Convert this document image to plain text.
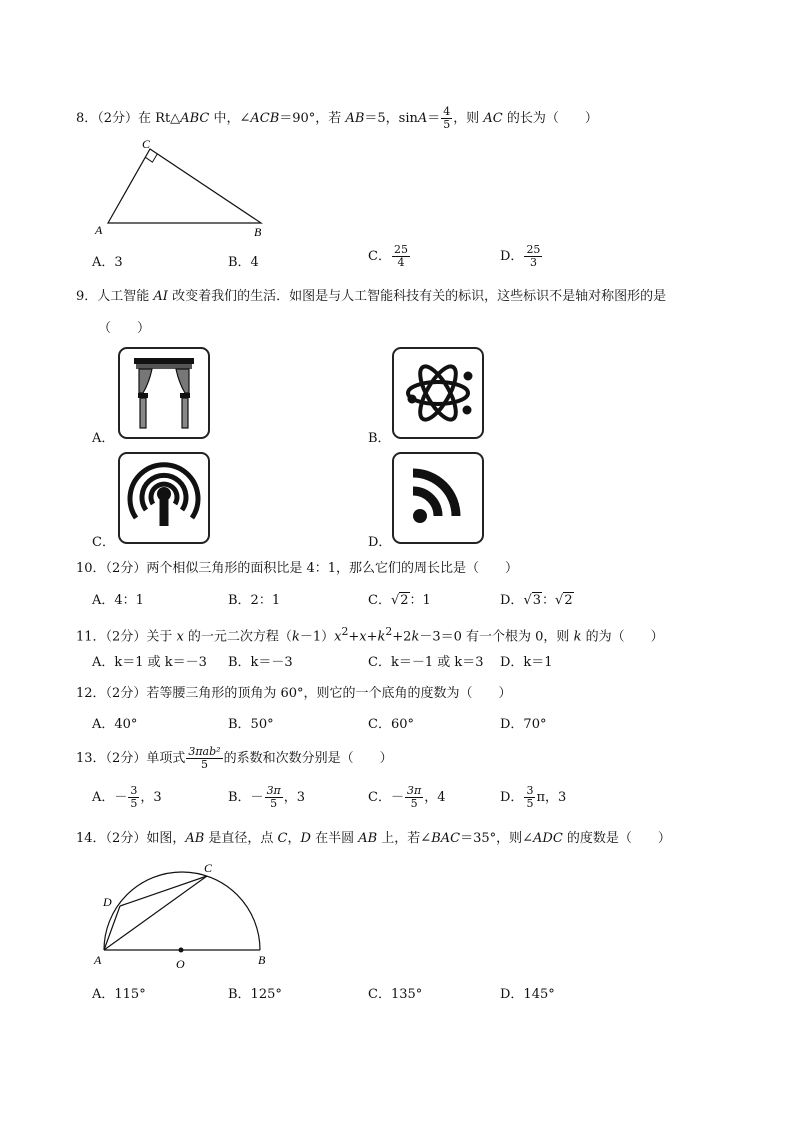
8．（2分）在 Rt△ABC 中，∠ACB＝90°，若 AB＝5，$\sin A= \frac{4}{5}$ ，则 AC 的长为（　　）
C
A	B
A．3	B．4	C． $\frac{25}{4}$	D． $\frac{25}{3}$
9．人工智能 AI 改变着我们的生活．如图是与人工智能科技有关的标识，这些标识不是轴对称图形的是
（　　）
A．	B．
C．	D．
10．（2分）两个相似三角形的面积比是 4：1，那么它们的周长比是（　　）
A．4：1	B．2：1	C．√2：1	D．√3：√2
11．（2分）关于 x 的一元二次方程$(k-1)x^2+x+k^2+2k-3=0$ 有一个根为 0，则 k 的为（　　）
A．k＝1 或 k＝－3 B．k＝－3	C．k＝－1 或 k＝3 D．k＝1
12．（2分）若等腰三角形的顶角为 60°，则它的一个底角的度数为（　　）
A．40°	B．50°	C．60°	D．70°
13．（2分）单项式 $\frac{\text{3πab²}}{5}$ 的系数和次数分别是（　　）
A．－ $\frac{3}{5}$ ，3	B．－ $\frac{3\pi}{5}$ ，3	C．－ $\frac{3\pi}{5}$ ，4	D． $\frac{3}{5}$ π，3
14．（2分）如图，AB 是直径，点 C，D 在半圆 AB 上，若∠BAC＝35°，则∠ADC 的度数是（　　）
C
D
A	O	B
A．115°	B．125°	C．135°	D．145°
